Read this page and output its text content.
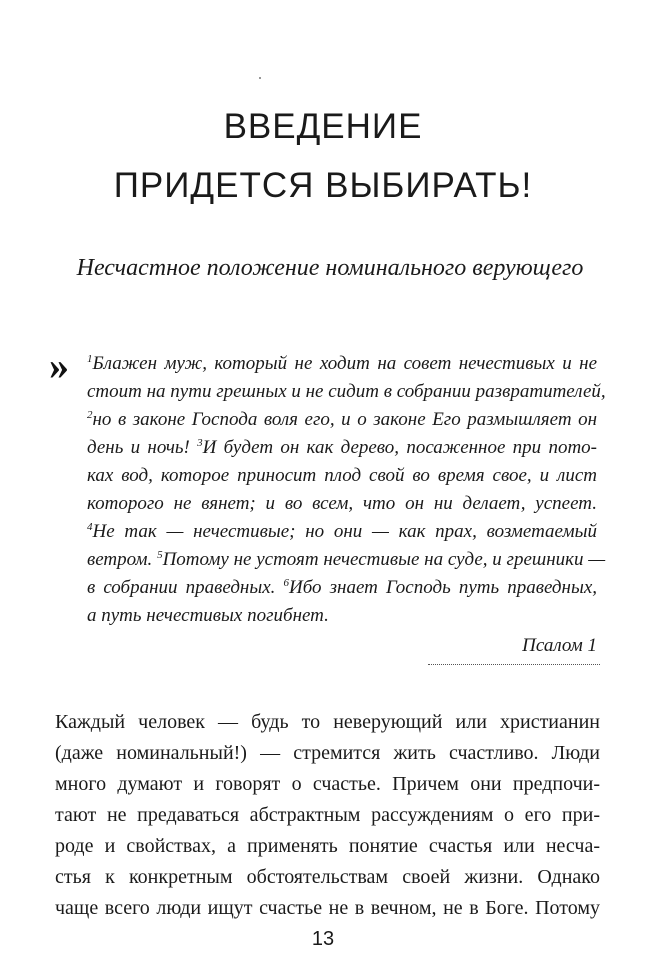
ВВЕДЕНИЕ
ПРИДЕТСЯ ВЫБИРАТЬ!
Несчастное положение номинального верующего
» $^1$Блажен муж, который не ходит на совет нечестивых и не
стоит на пути грешных и не сидит в собрании развратителей,
$^2$но в законе Господа воля его, и о законе Его размышляет он
день и ночь! $^3$И будет он как дерево, посаженное при пото-
ках вод, которое приносит плод свой во время свое, и лист
которого не вянет; и во всем, что он ни делает, успеет.
$^4$Не так — нечестивые; но они — как прах, возметаемый
ветром. $^5$Потому не устоят нечестивые на суде, и грешники —
в собрании праведных. $^6$Ибо знает Господь путь праведных,
а путь нечестивых погибнет.
Псалом 1
Каждый человек — будь то неверующий или христианин
(даже номинальный!) — стремится жить счастливо. Люди
много думают и говорят о счастье. Причем они предпочи-
тают не предаваться абстрактным рассуждениям о его при-
роде и свойствах, а применять понятие счастья или несча-
стья к конкретным обстоятельствам своей жизни. Однако
чаще всего люди ищут счастье не в вечном, не в Боге. Потому
13
